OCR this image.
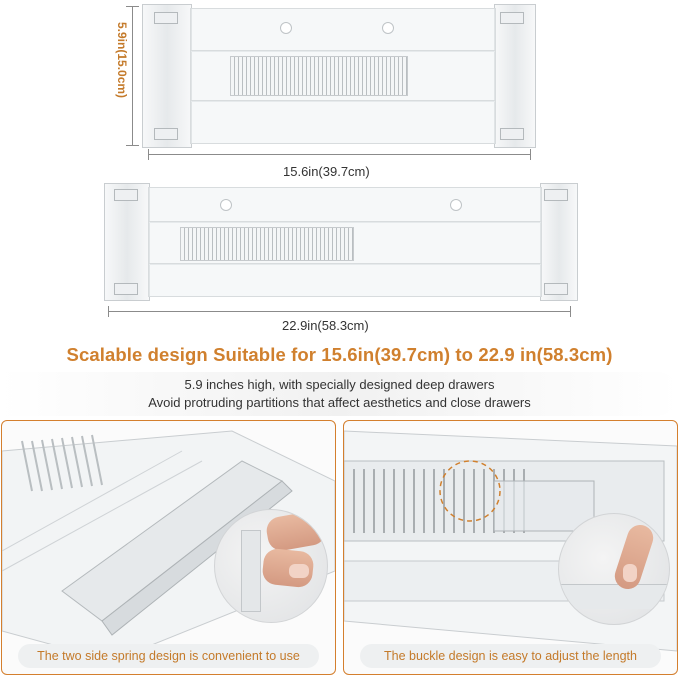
5.9in(15.0cm)
15.6in(39.7cm)
22.9in(58.3cm)
Scalable design Suitable for 15.6in(39.7cm) to 22.9 in(58.3cm)
5.9 inches high, with specially designed deep drawers
Avoid protruding partitions that affect aesthetics and close drawers
The two side spring design is convenient to use	The buckle design is easy to adjust the length
